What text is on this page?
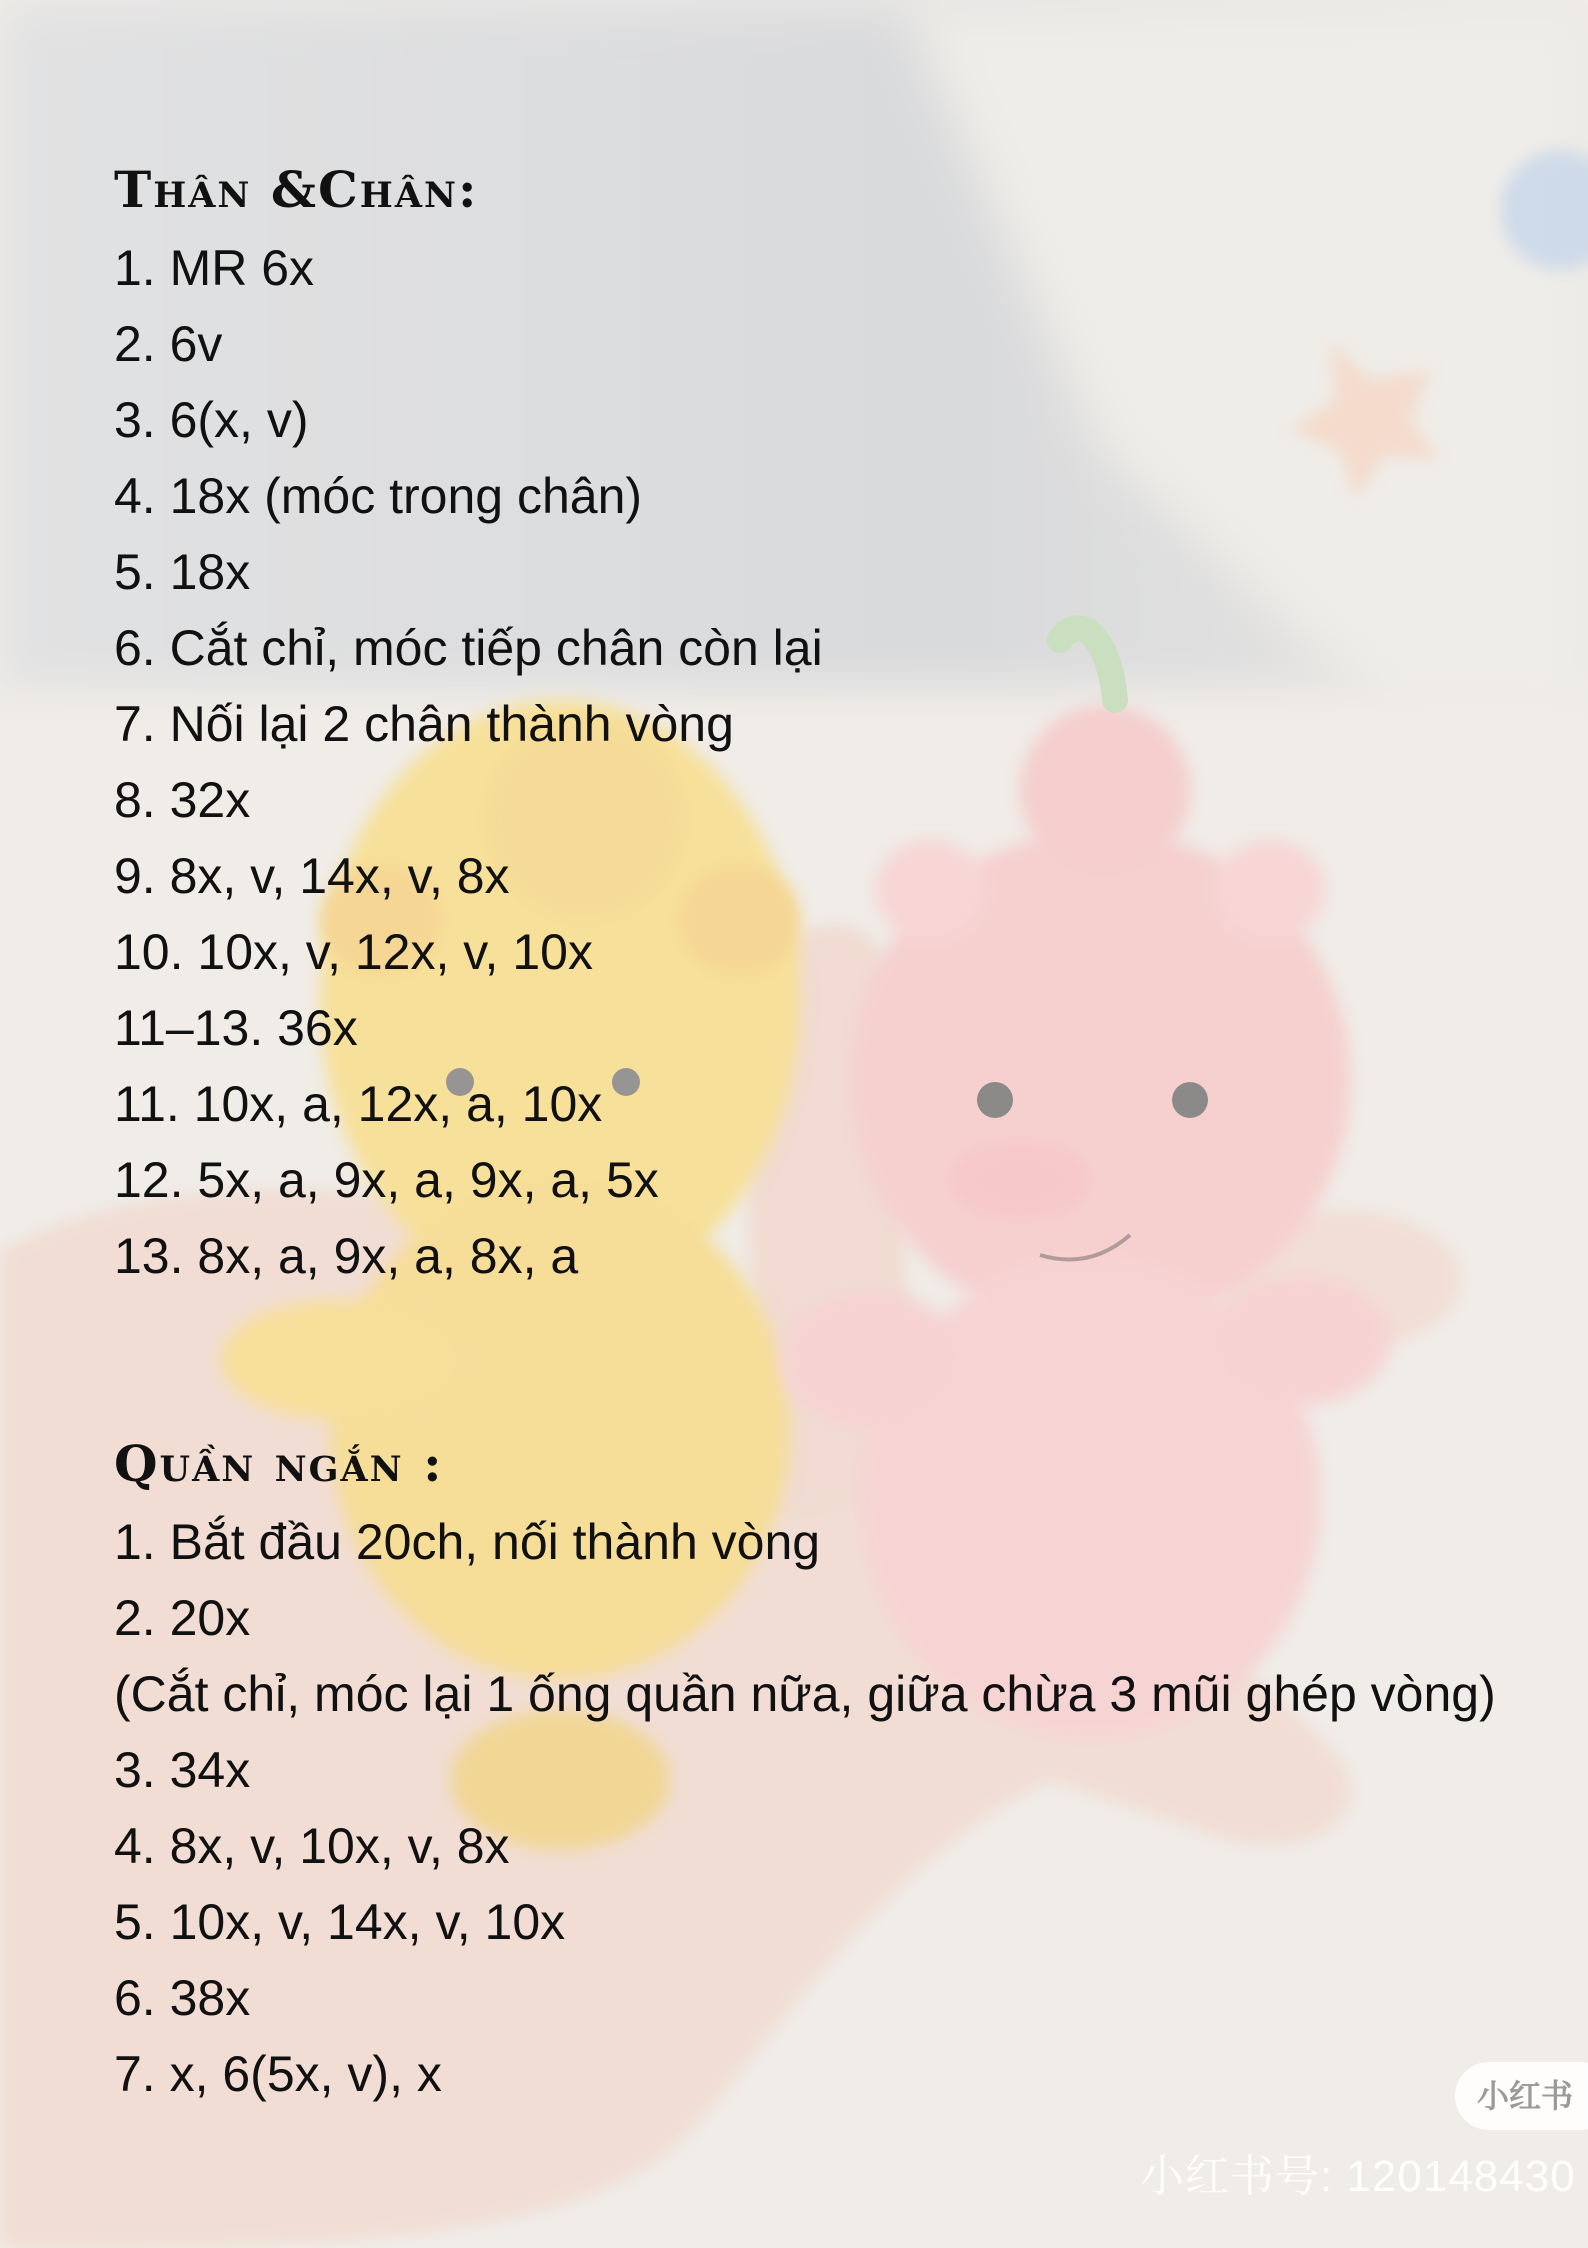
Thân &Chân:

1. MR 6x

2. 6v

3. 6(x, v)

4. 18x (móc trong chân)

5. 18x

6. Cắt chỉ, móc tiếp chân còn lại

7. Nối lại 2 chân thành vòng

8. 32x

9. 8x, v, 14x, v, 8x

10. 10x, v, 12x, v, 10x

11–13. 36x

11. 10x, a, 12x, a, 10x

12. 5x, a, 9x, a, 9x, a, 5x

13. 8x, a, 9x, a, 8x, a

Quần ngắn :

1. Bắt đầu 20ch, nối thành vòng

2. 20x

(Cắt chỉ, móc lại 1 ống quần nữa, giữa chừa 3 mũi ghép vòng)

3. 34x

4. 8x, v, 10x, v, 8x

5. 10x, v, 14x, v, 10x

6. 38x

7. x, 6(5x, v), x	小红书
小红书号: 120148430
